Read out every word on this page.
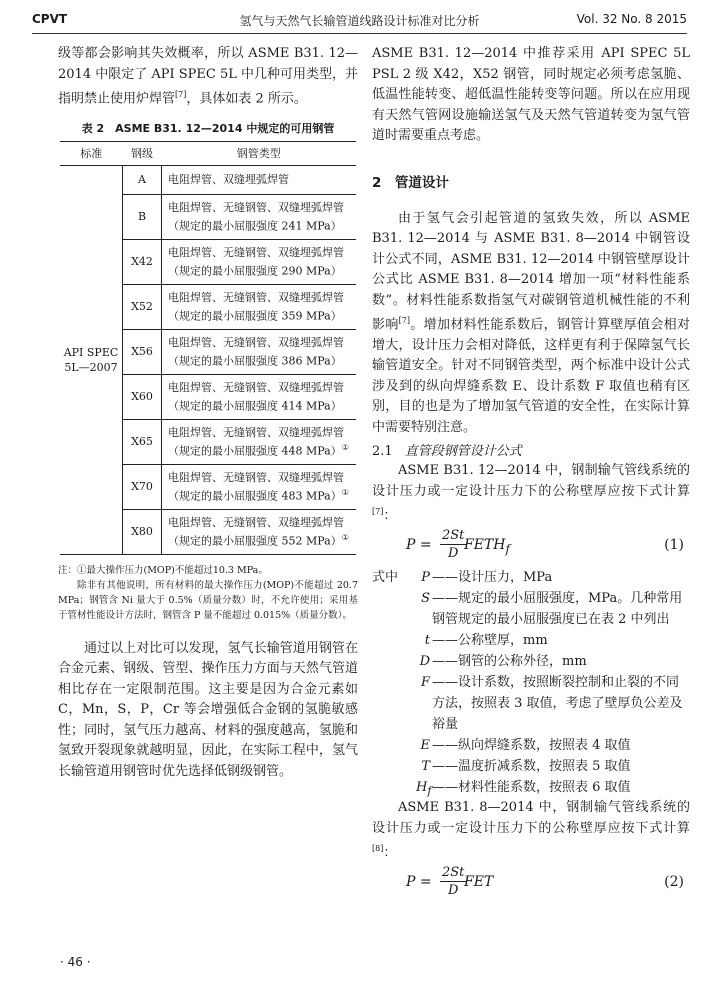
CPVT	氢气与天然气长输管道线路设计标准对比分析	Vol. 32 No. 8 2015

级等都会影响其失效概率，所以 ASME B31. 12—2014 中限定了 API SPEC 5L 中几种可用类型，并指明禁止使用炉焊管[7]，具体如表 2 所示。

表 2　ASME B31. 12—2014 中规定的可用钢管
标准	钢级	钢管类型

API SPEC
5L—2007	A	电阻焊管、双缝埋弧焊管

	B	电阻焊管、无缝钢管、双缝埋弧焊管
（规定的最小屈服强度 241 MPa）

	X42	电阻焊管、无缝钢管、双缝埋弧焊管
（规定的最小屈服强度 290 MPa）

	X52	电阻焊管、无缝钢管、双缝埋弧焊管
（规定的最小屈服强度 359 MPa）

	X56	电阻焊管、无缝钢管、双缝埋弧焊管
（规定的最小屈服强度 386 MPa）

	X60	电阻焊管、无缝钢管、双缝埋弧焊管
（规定的最小屈服强度 414 MPa）

	X65	电阻焊管、无缝钢管、双缝埋弧焊管
（规定的最小屈服强度 448 MPa）①

	X70	电阻焊管、无缝钢管、双缝埋弧焊管
（规定的最小屈服强度 483 MPa）①

	X80	电阻焊管、无缝钢管、双缝埋弧焊管
（规定的最小屈服强度 552 MPa）①
注：①最大操作压力(MOP)不能超过10.3 MPa。
除非有其他说明，所有材料的最大操作压力(MOP)不能超过 20.7 MPa；钢管含 Ni 量大于 0.5%（质量分数）时，不允许使用；采用基于管材性能设计方法时，钢管含 P 量不能超过 0.015%（质量分数）。

通过以上对比可以发现，氢气长输管道用钢管在合金元素、钢级、管型、操作压力方面与天然气管道相比存在一定限制范围。这主要是因为合金元素如 C，Mn，S，P，Cr 等会增强低合金钢的氢脆敏感性；同时，氢气压力越高、材料的强度越高，氢脆和氢致开裂现象就越明显，因此，在实际工程中，氢气长输管道用钢管时优先选择低钢级钢管。

· 46 ·

ASME B31. 12—2014 中推荐采用 API SPEC 5L PSL 2 级 X42，X52 钢管，同时规定必须考虑氢脆、低温性能转变、超低温性能转变等问题。所以在应用现有天然气管网设施输送氢气及天然气管道转变为氢气管道时需要重点考虑。

2　管道设计

由于氢气会引起管道的氢致失效，所以 ASME B31. 12—2014 与 ASME B31. 8—2014 中钢管设计公式不同，ASME B31. 12—2014 中钢管壁厚设计公式比 ASME B31. 8—2014 增加一项“材料性能系数”。材料性能系数指氢气对碳钢管道机械性能的不利影响[7]。增加材料性能系数后，钢管计算壁厚值会相对增大，设计压力会相对降低，这样更有利于保障氢气长输管道安全。针对不同钢管类型，两个标准中设计公式涉及到的纵向焊缝系数 E、设计系数 F 取值也稍有区别，目的也是为了增加氢气管道的安全性，在实际计算中需要特别注意。

2.1 直管段钢管设计公式

ASME B31. 12—2014 中，钢制输气管线系统的设计压力或一定设计压力下的公称壁厚应按下式计算[7]：

$P = \frac{2St}{D}$
$FETH_f$	(1)
式中	P ——设计压力，MPa
S ——规定的最小屈服强度，MPa。几种常用钢管规定的最小屈服强度已在表 2 中列出
t ——公称壁厚，mm
D ——钢管的公称外径，mm
F ——设计系数，按照断裂控制和止裂的不同方法，按照表 3 取值，考虑了壁厚负公差及裕量
E ——纵向焊缝系数，按照表 4 取值
T ——温度折减系数，按照表 5 取值
$H_f$ ——材料性能系数，按照表 6 取值

ASME B31. 8—2014 中，钢制输气管线系统的设计压力或一定设计压力下的公称壁厚应按下式计算[8]：

$P = \frac{2St}{D}$
FET	(2)
